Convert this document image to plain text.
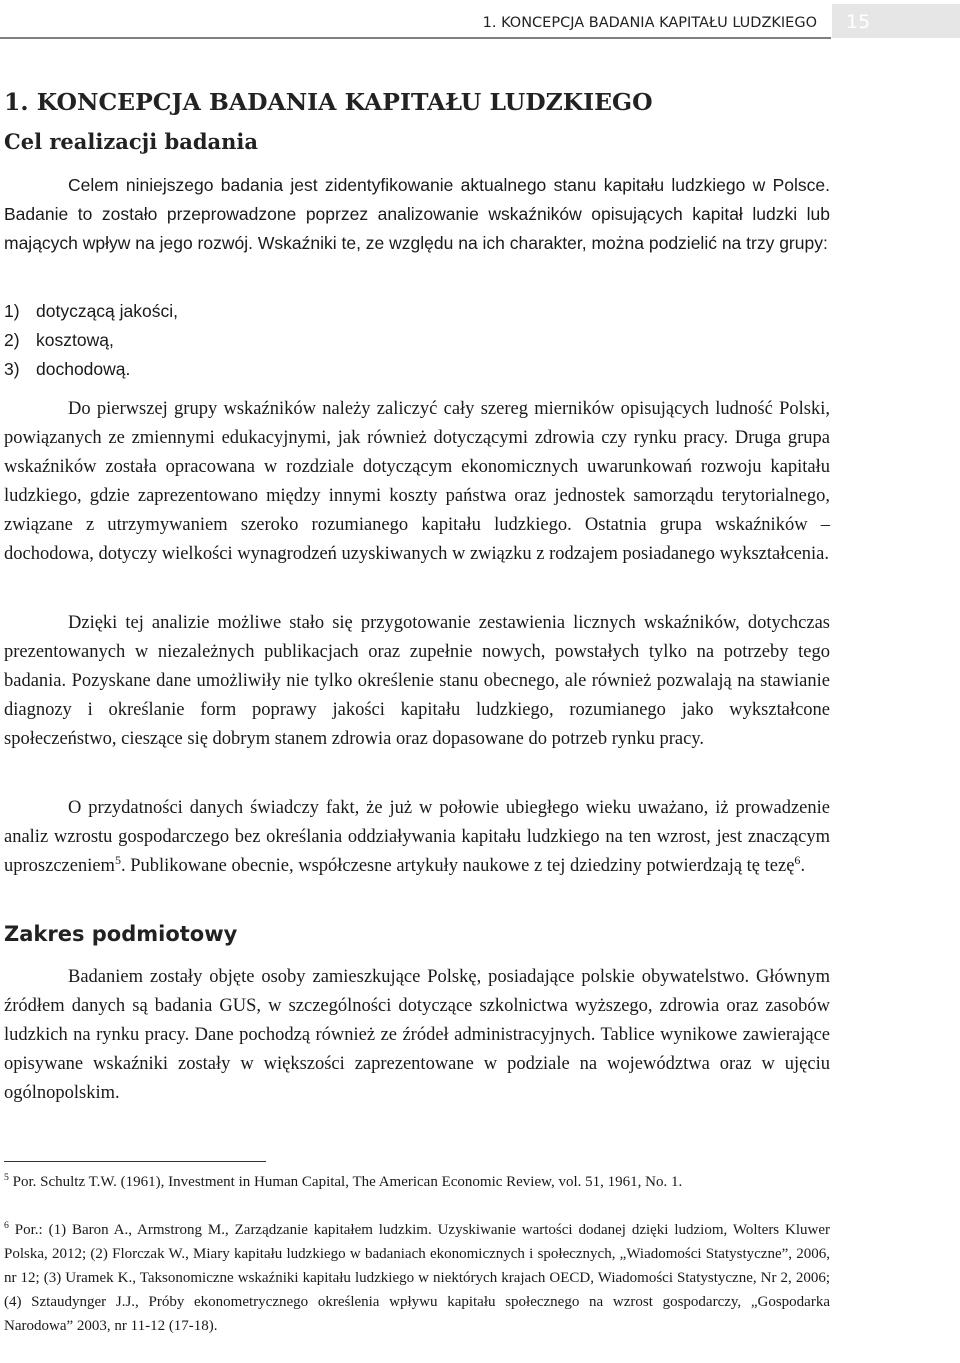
1. KONCEPCJA BADANIA KAPITAŁU LUDZKIEGO 15
1. KONCEPCJA BADANIA KAPITAŁU LUDZKIEGO
Cel realizacji badania

Celem niniejszego badania jest zidentyfikowanie aktualnego stanu kapitału ludzkiego w Polsce. Badanie to zostało przeprowadzone poprzez analizowanie wskaźników opisujących kapitał ludzki lub mających wpływ na jego rozwój. Wskaźniki te, ze względu na ich charakter, można podzielić na trzy grupy:

1) dotyczącą jakości,
2) kosztową,
3) dochodową.

Do pierwszej grupy wskaźników należy zaliczyć cały szereg mierników opisujących ludność Polski, powiązanych ze zmiennymi edukacyjnymi, jak również dotyczącymi zdrowia czy rynku pracy. Druga grupa wskaźników została opracowana w rozdziale dotyczącym ekonomicznych uwarunkowań rozwoju kapitału ludzkiego, gdzie zaprezentowano między innymi koszty państwa oraz jednostek samorządu terytorialnego, związane z utrzymywaniem szeroko rozumianego kapitału ludzkiego. Ostatnia grupa wskaźników – dochodowa, dotyczy wielkości wynagrodzeń uzyskiwanych w związku z rodzajem posiadanego wykształcenia.

Dzięki tej analizie możliwe stało się przygotowanie zestawienia licznych wskaźników, dotychczas prezentowanych w niezależnych publikacjach oraz zupełnie nowych, powstałych tylko na potrzeby tego badania. Pozyskane dane umożliwiły nie tylko określenie stanu obecnego, ale również pozwalają na stawianie diagnozy i określanie form poprawy jakości kapitału ludzkiego, rozumianego jako wykształcone społeczeństwo, cieszące się dobrym stanem zdrowia oraz dopasowane do potrzeb rynku pracy.

O przydatności danych świadczy fakt, że już w połowie ubiegłego wieku uważano, iż prowadzenie analiz wzrostu gospodarczego bez określania oddziaływania kapitału ludzkiego na ten wzrost, jest znaczącym uproszczeniem$^5$. Publikowane obecnie, współczesne artykuły naukowe z tej dziedziny potwierdzają tę tezę$^6$.

Zakres podmiotowy

Badaniem zostały objęte osoby zamieszkujące Polskę, posiadające polskie obywatelstwo. Głównym źródłem danych są badania GUS, w szczególności dotyczące szkolnictwa wyższego, zdrowia oraz zasobów ludzkich na rynku pracy. Dane pochodzą również ze źródeł administracyjnych. Tablice wynikowe zawierające opisywane wskaźniki zostały w większości zaprezentowane w podziale na województwa oraz w ujęciu ogólnopolskim.

$^5$ Por. Schultz T.W. (1961), Investment in Human Capital, The American Economic Review, vol. 51, 1961, No. 1.

$^6$ Por.: (1) Baron A., Armstrong M., Zarządzanie kapitałem ludzkim. Uzyskiwanie wartości dodanej dzięki ludziom, Wolters Kluwer Polska, 2012; (2) Florczak W., Miary kapitału ludzkiego w badaniach ekonomicznych i społecznych, „Wiadomości Statystyczne”, 2006, nr 12; (3) Uramek K., Taksonomiczne wskaźniki kapitału ludzkiego w niektórych krajach OECD, Wiadomości Statystyczne, Nr 2, 2006; (4) Sztaudynger J.J., Próby ekonometrycznego określenia wpływu kapitału społecznego na wzrost gospodarczy, „Gospodarka Narodowa” 2003, nr 11-12 (17-18).
